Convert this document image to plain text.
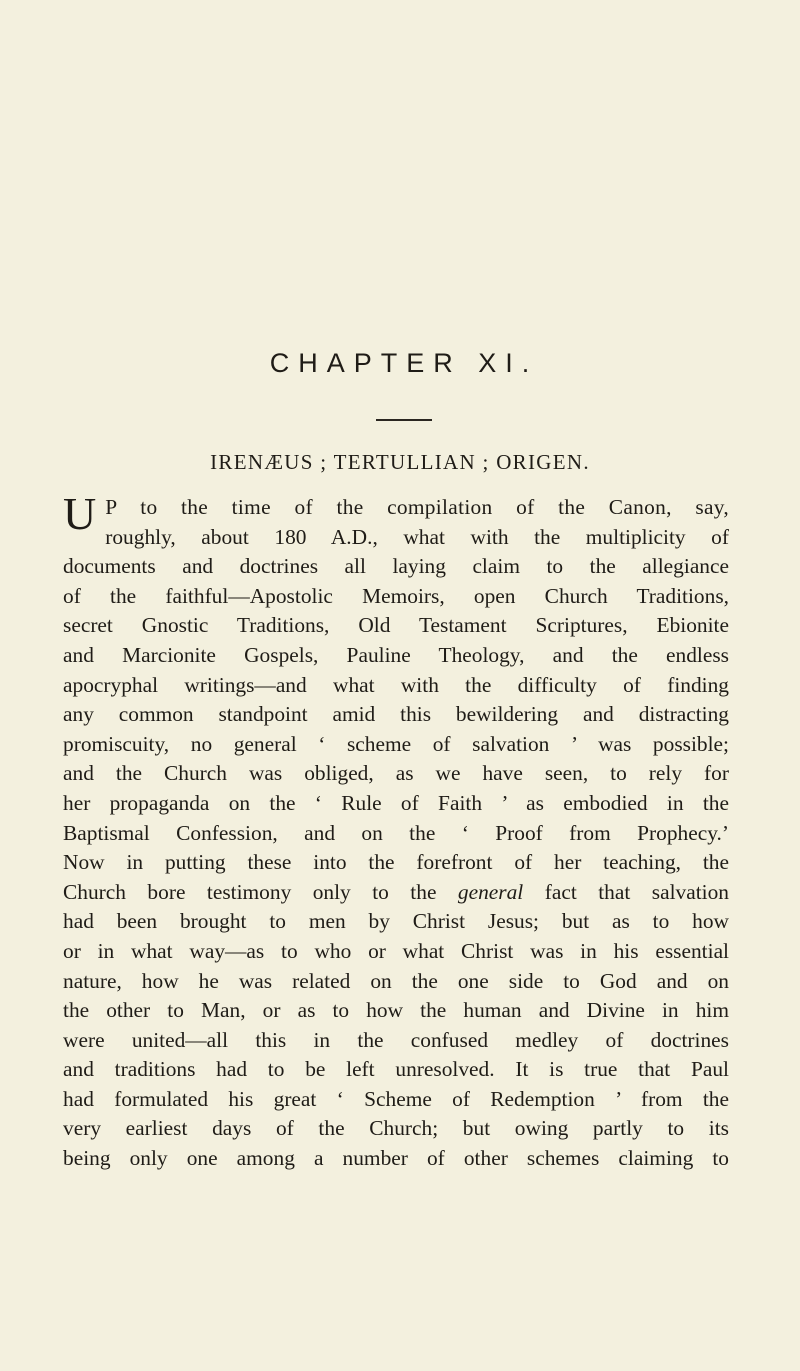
CHAPTER XI.
IRENÆUS ; TERTULLIAN ; ORIGEN.
U P to the time of the compilation of the Canon, say,
roughly, about 180 A.D., what with the multiplicity of
documents and doctrines all laying claim to the allegiance
of the faithful—Apostolic Memoirs, open Church Traditions,
secret Gnostic Traditions, Old Testament Scriptures, Ebionite
and Marcionite Gospels, Pauline Theology, and the endless
apocryphal writings—and what with the difficulty of finding
any common standpoint amid this bewildering and distracting
promiscuity, no general ‘ scheme of salvation ’ was possible;
and the Church was obliged, as we have seen, to rely for
her propaganda on the ‘ Rule of Faith ’ as embodied in the
Baptismal Confession, and on the ‘ Proof from Prophecy.’
Now in putting these into the forefront of her teaching, the
Church bore testimony only to the general fact that salvation
had been brought to men by Christ Jesus; but as to how
or in what way—as to who or what Christ was in his essential
nature, how he was related on the one side to God and on
the other to Man, or as to how the human and Divine in him
were united—all this in the confused medley of doctrines
and traditions had to be left unresolved. It is true that Paul
had formulated his great ‘ Scheme of Redemption ’ from the
very earliest days of the Church; but owing partly to its
being only one among a number of other schemes claiming to
